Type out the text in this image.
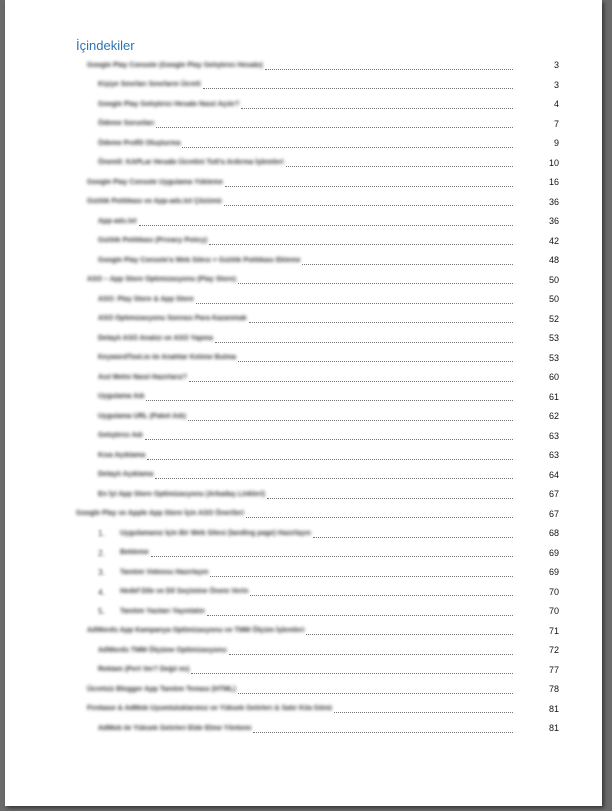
İçindekiler
Google Play Console (Google Play Geliştirici Hesabı)	3
Kişiye Sınırları Sınırların Ücreti	3
Google Play Geliştirici Hesabı Nasıl Açılır?	4
Ödeme Sorunları	7
Ödeme Profili Oluşturma	9
Önemli: KAPLar Hesabı Ücretini Tutt'a Ardırma İşlemleri	10
Google Play Console Uygulama Yükleme	16
Gizlilik Politikası ve App-ads.txt Çözümü	36
App-ads.txt	36
Gizlilik Politikası (Privacy Policy)	42
Google Play Console'a Web Sitesi + Gizlilik Politikası Ekleme	48
ASO – App Store Optimizasyonu (Play Store)	50
ASO: Play Store & App Store	50
ASO Optimizasyonu Sonrası Para Kazanmak	52
Detaylı ASO Analizi ve ASO Yapma	53
KeywordTool.io ile Anahtar Kelime Bulma	53
Asıl Metni Nasıl Hazırlarız?	60
Uygulama Adı	61
Uygulama URL (Paket Adı)	62
Geliştirici Adı	63
Kısa Açıklama	63
Detaylı Açıklama	64
En İyi App Store Optimizasyonu (Arkadaş Linkleri)	67
Google Play ve Apple App Store İçin ASO Önerileri	67
1.	Uygulamanız İçin Bir Web Sitesi (landing page) Hazırlayın	68
2.	Bekleme	69
3.	Tanıtım Videosu Hazırlayın	69
4.	Hedef Dile ve Dil Seçimine Önem Verin	70
5.	Tanıtım Yazıları Yayınlatın	70
AdWords App Kampanya Optimizasyonu ve TMM Ölçüm İşlemleri	71
AdWords TMM Ölçüme Optimizasyonu	72
Reklam (Pert Ver? Değil mi)	77
Ücretsiz Blogger App Tanıtım Teması (HTML)	78
Firebase & AdMob Uyumluluklarımız ve Yüksek Gelirleri & Satır Kila Gönü	81
AdMob ile Yüksek Gelirleri Elde Etme Yöntemi	81
